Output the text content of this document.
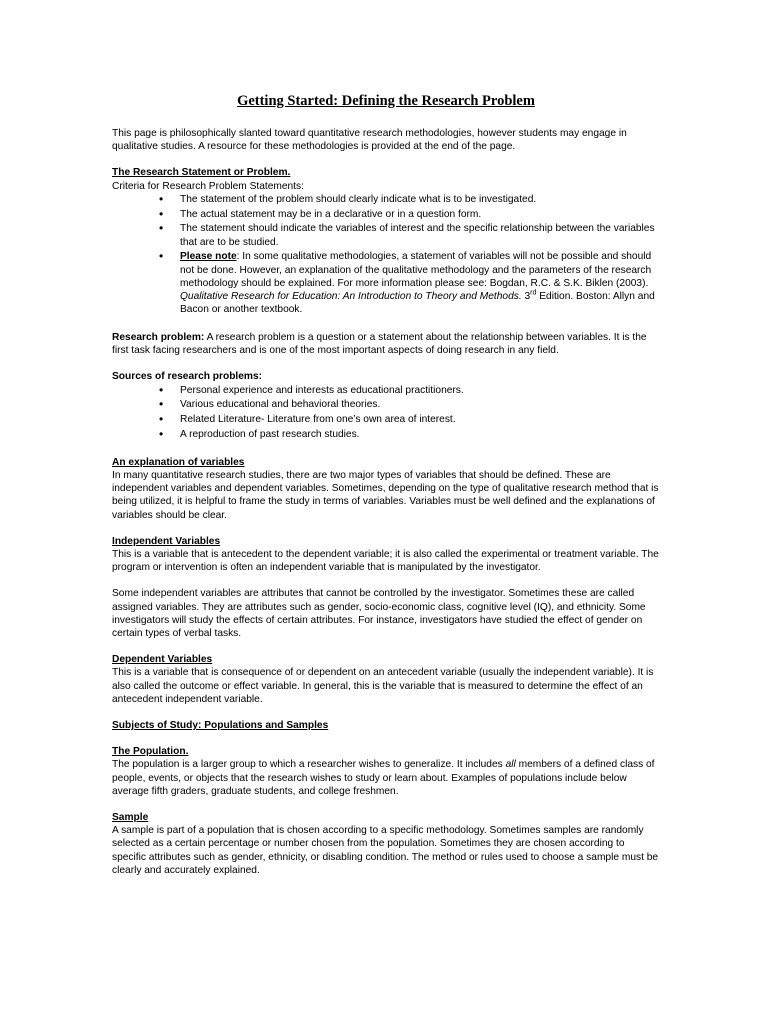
Getting Started: Defining the Research Problem

This page is philosophically slanted toward quantitative research methodologies, however students may engage in qualitative studies. A resource for these methodologies is provided at the end of the page.

The Research Statement or Problem.

Criteria for Research Problem Statements:

• The statement of the problem should clearly indicate what is to be investigated.
• The actual statement may be in a declarative or in a question form.
• The statement should indicate the variables of interest and the specific relationship between the variables that are to be studied.
• Please note: In some qualitative methodologies, a statement of variables will not be possible and should not be done. However, an explanation of the qualitative methodology and the parameters of the research methodology should be explained. For more information please see: Bogdan, R.C. & S.K. Biklen (2003). Qualitative Research for Education: An Introduction to Theory and Methods. 3rd Edition. Boston: Allyn and Bacon or another textbook.

Research problem: A research problem is a question or a statement about the relationship between variables. It is the first task facing researchers and is one of the most important aspects of doing research in any field.

Sources of research problems:
• Personal experience and interests as educational practitioners.
• Various educational and behavioral theories.
• Related Literature- Literature from one’s own area of interest.
• A reproduction of past research studies.
An explanation of variables

In many quantitative research studies, there are two major types of variables that should be defined. These are independent variables and dependent variables. Sometimes, depending on the type of qualitative research method that is being utilized, it is helpful to frame the study in terms of variables. Variables must be well defined and the explanations of variables should be clear.

Independent Variables

This is a variable that is antecedent to the dependent variable; it is also called the experimental or treatment variable. The program or intervention is often an independent variable that is manipulated by the investigator.

Some independent variables are attributes that cannot be controlled by the investigator. Sometimes these are called assigned variables. They are attributes such as gender, socio-economic class, cognitive level (IQ), and ethnicity. Some investigators will study the effects of certain attributes. For instance, investigators have studied the effect of gender on certain types of verbal tasks.

Dependent Variables

This is a variable that is consequence of or dependent on an antecedent variable (usually the independent variable). It is also called the outcome or effect variable. In general, this is the variable that is measured to determine the effect of an antecedent independent variable.

Subjects of Study: Populations and Samples
The Population.

The population is a larger group to which a researcher wishes to generalize. It includes all members of a defined class of people, events, or objects that the research wishes to study or learn about. Examples of populations include below average fifth graders, graduate students, and college freshmen.

Sample

A sample is part of a population that is chosen according to a specific methodology. Sometimes samples are randomly selected as a certain percentage or number chosen from the population. Sometimes they are chosen according to specific attributes such as gender, ethnicity, or disabling condition. The method or rules used to choose a sample must be clearly and accurately explained.
